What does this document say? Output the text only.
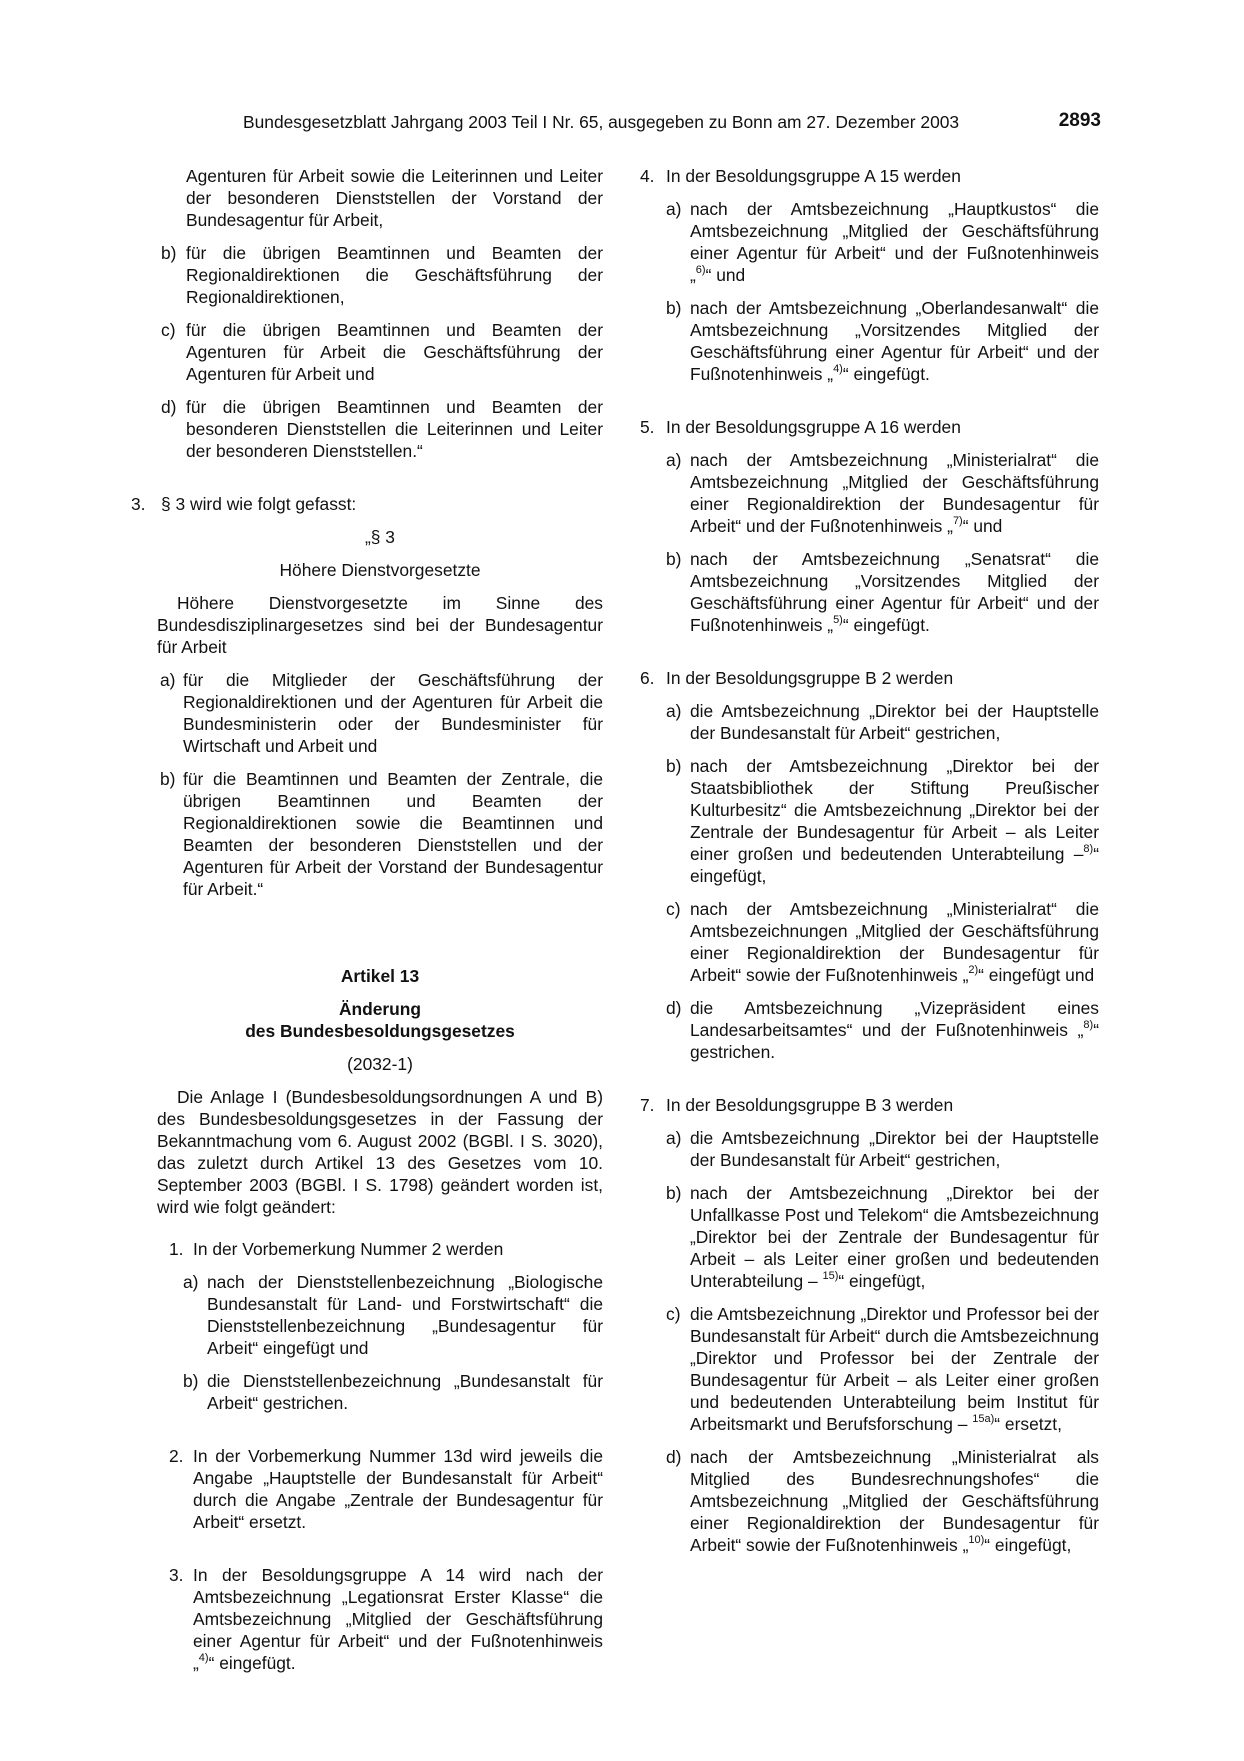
Bundesgesetzblatt Jahrgang 2003 Teil I Nr. 65, ausgegeben zu Bonn am 27. Dezember 2003	2893

Agenturen für Arbeit sowie die Leiterinnen und Leiter der besonderen Dienststellen der Vorstand der Bundesagentur für Arbeit,

b) für die übrigen Beamtinnen und Beamten der Regionaldirektionen die Geschäftsführung der Regionaldirektionen,
c) für die übrigen Beamtinnen und Beamten der Agenturen für Arbeit die Geschäftsführung der Agenturen für Arbeit und
d) für die übrigen Beamtinnen und Beamten der besonderen Dienststellen die Leiterinnen und Leiter der besonderen Dienststellen.“
3. § 3 wird wie folgt gefasst:

„§ 3

Höhere Dienstvorgesetzte

Höhere Dienstvorgesetzte im Sinne des Bundesdisziplinargesetzes sind bei der Bundesagentur für Arbeit

a) für die Mitglieder der Geschäftsführung der Regionaldirektionen und der Agenturen für Arbeit die Bundesministerin oder der Bundesminister für Wirtschaft und Arbeit und
b) für die Beamtinnen und Beamten der Zentrale, die übrigen Beamtinnen und Beamten der Regionaldirektionen sowie die Beamtinnen und Beamten der besonderen Dienststellen und der Agenturen für Arbeit der Vorstand der Bundesagentur für Arbeit.“

Artikel 13

Änderung

des Bundesbesoldungsgesetzes

(2032-1)

Die Anlage I (Bundesbesoldungsordnungen A und B) des Bundesbesoldungsgesetzes in der Fassung der Bekanntmachung vom 6. August 2002 (BGBl. I S. 3020), das zuletzt durch Artikel 13 des Gesetzes vom 10. September 2003 (BGBl. I S. 1798) geändert worden ist, wird wie folgt geändert:

1. In der Vorbemerkung Nummer 2 werden
a) nach der Dienststellenbezeichnung „Biologische Bundesanstalt für Land- und Forstwirtschaft“ die Dienststellenbezeichnung „Bundesagentur für Arbeit“ eingefügt und
b) die Dienststellenbezeichnung „Bundesanstalt für Arbeit“ gestrichen.
2. In der Vorbemerkung Nummer 13d wird jeweils die Angabe „Hauptstelle der Bundesanstalt für Arbeit“ durch die Angabe „Zentrale der Bundesagentur für Arbeit“ ersetzt.
3. In der Besoldungsgruppe A 14 wird nach der Amtsbezeichnung „Legationsrat Erster Klasse“ die Amtsbezeichnung „Mitglied der Geschäftsführung einer Agentur für Arbeit“ und der Fußnotenhinweis „$^{4)}$“ eingefügt.
4. In der Besoldungsgruppe A 15 werden
a) nach der Amtsbezeichnung „Hauptkustos“ die Amtsbezeichnung „Mitglied der Geschäftsführung einer Agentur für Arbeit“ und der Fußnotenhinweis „$^{6)}$“ und
b) nach der Amtsbezeichnung „Oberlandesanwalt“ die Amtsbezeichnung „Vorsitzendes Mitglied der Geschäftsführung einer Agentur für Arbeit“ und der Fußnotenhinweis „$^{4)}$“ eingefügt.
5. In der Besoldungsgruppe A 16 werden
a) nach der Amtsbezeichnung „Ministerialrat“ die Amtsbezeichnung „Mitglied der Geschäftsführung einer Regionaldirektion der Bundesagentur für Arbeit“ und der Fußnotenhinweis „$^{7)}$“ und
b) nach der Amtsbezeichnung „Senatsrat“ die Amtsbezeichnung „Vorsitzendes Mitglied der Geschäftsführung einer Agentur für Arbeit“ und der Fußnotenhinweis „$^{5)}$“ eingefügt.
6. In der Besoldungsgruppe B 2 werden
a) die Amtsbezeichnung „Direktor bei der Hauptstelle der Bundesanstalt für Arbeit“ gestrichen,
b) nach der Amtsbezeichnung „Direktor bei der Staatsbibliothek der Stiftung Preußischer Kulturbesitz“ die Amtsbezeichnung „Direktor bei der Zentrale der Bundesagentur für Arbeit – als Leiter einer großen und bedeutenden Unterabteilung –$^{8)}$“ eingefügt,
c) nach der Amtsbezeichnung „Ministerialrat“ die Amtsbezeichnungen „Mitglied der Geschäftsführung einer Regionaldirektion der Bundesagentur für Arbeit“ sowie der Fußnotenhinweis „$^{2)}$“ eingefügt und
d) die Amtsbezeichnung „Vizepräsident eines Landesarbeitsamtes“ und der Fußnotenhinweis „$^{8)}$“ gestrichen.
7. In der Besoldungsgruppe B 3 werden
a) die Amtsbezeichnung „Direktor bei der Hauptstelle der Bundesanstalt für Arbeit“ gestrichen,
b) nach der Amtsbezeichnung „Direktor bei der Unfallkasse Post und Telekom“ die Amtsbezeichnung „Direktor bei der Zentrale der Bundesagentur für Arbeit – als Leiter einer großen und bedeutenden Unterabteilung – $^{15)}$“ eingefügt,
c) die Amtsbezeichnung „Direktor und Professor bei der Bundesanstalt für Arbeit“ durch die Amtsbezeichnung „Direktor und Professor bei der Zentrale der Bundesagentur für Arbeit – als Leiter einer großen und bedeutenden Unterabteilung beim Institut für Arbeitsmarkt und Berufsforschung – $^{15a)}$“ ersetzt,
d) nach der Amtsbezeichnung „Ministerialrat als Mitglied des Bundesrechnungshofes“ die Amtsbezeichnung „Mitglied der Geschäftsführung einer Regionaldirektion der Bundesagentur für Arbeit“ sowie der Fußnotenhinweis „$^{10)}$“ eingefügt,
